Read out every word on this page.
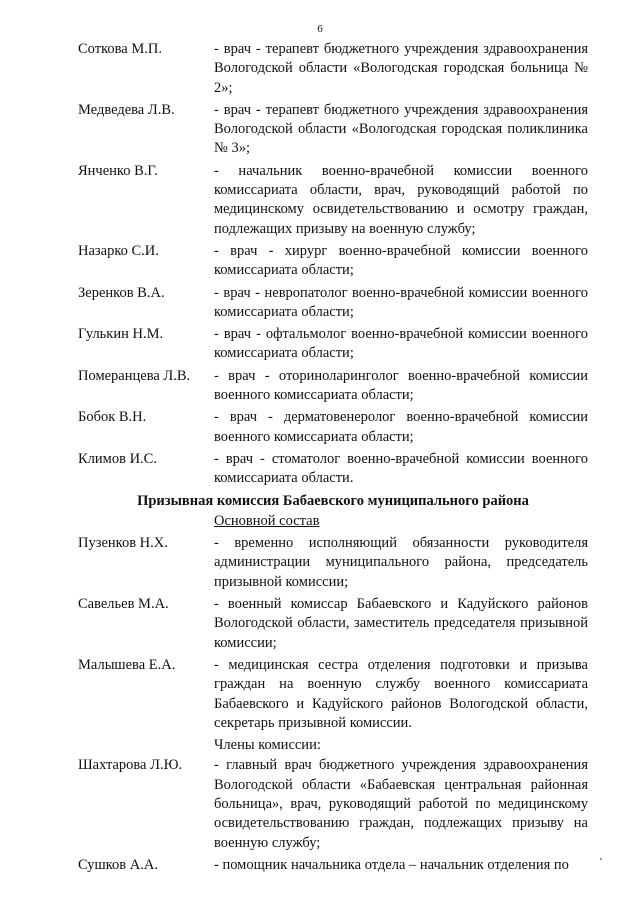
6
Соткова М.П.	- врач - терапевт бюджетного учреждения здравоохранения Вологодской области «Вологодская городская больница № 2»;
Медведева Л.В.	- врач - терапевт бюджетного учреждения здравоохранения Вологодской области «Вологодская городская поликлиника № 3»;
Янченко В.Г.	- начальник военно-врачебной комиссии военного комиссариата области, врач, руководящий работой по медицинскому освидетельствованию и осмотру граждан, подлежащих призыву на военную службу;
Назарко С.И.	- врач - хирург военно-врачебной комиссии военного комиссариата области;
Зеренков В.А.	- врач - невропатолог военно-врачебной комиссии военного комиссариата области;
Гулькин Н.М.	- врач - офтальмолог военно-врачебной комиссии военного комиссариата области;
Померанцева Л.В.	- врач - оториноларинголог военно-врачебной комиссии военного комиссариата области;
Бобок В.Н.	- врач - дерматовенеролог военно-врачебной комиссии военного комиссариата области;
Климов И.С.	- врач - стоматолог военно-врачебной комиссии военного комиссариата области.
Призывная комиссия Бабаевского муниципального района
Основной состав
Пузенков Н.Х.	- временно исполняющий обязанности руководителя администрации муниципального района, председатель призывной комиссии;
Савельев М.А.	- военный комиссар Бабаевского и Кадуйского районов Вологодской области, заместитель председателя призывной комиссии;
Малышева Е.А.	- медицинская сестра отделения подготовки и призыва граждан на военную службу военного комиссариата Бабаевского и Кадуйского районов Вологодской области, секретарь призывной комиссии.
Члены комиссии:
Шахтарова Л.Ю.	- главный врач бюджетного учреждения здравоохранения Вологодской области «Бабаевская центральная районная больница», врач, руководящий работой по медицинскому освидетельствованию граждан, подлежащих призыву на военную службу;
Сушков А.А.	- помощник начальника отдела – начальник отделения по
